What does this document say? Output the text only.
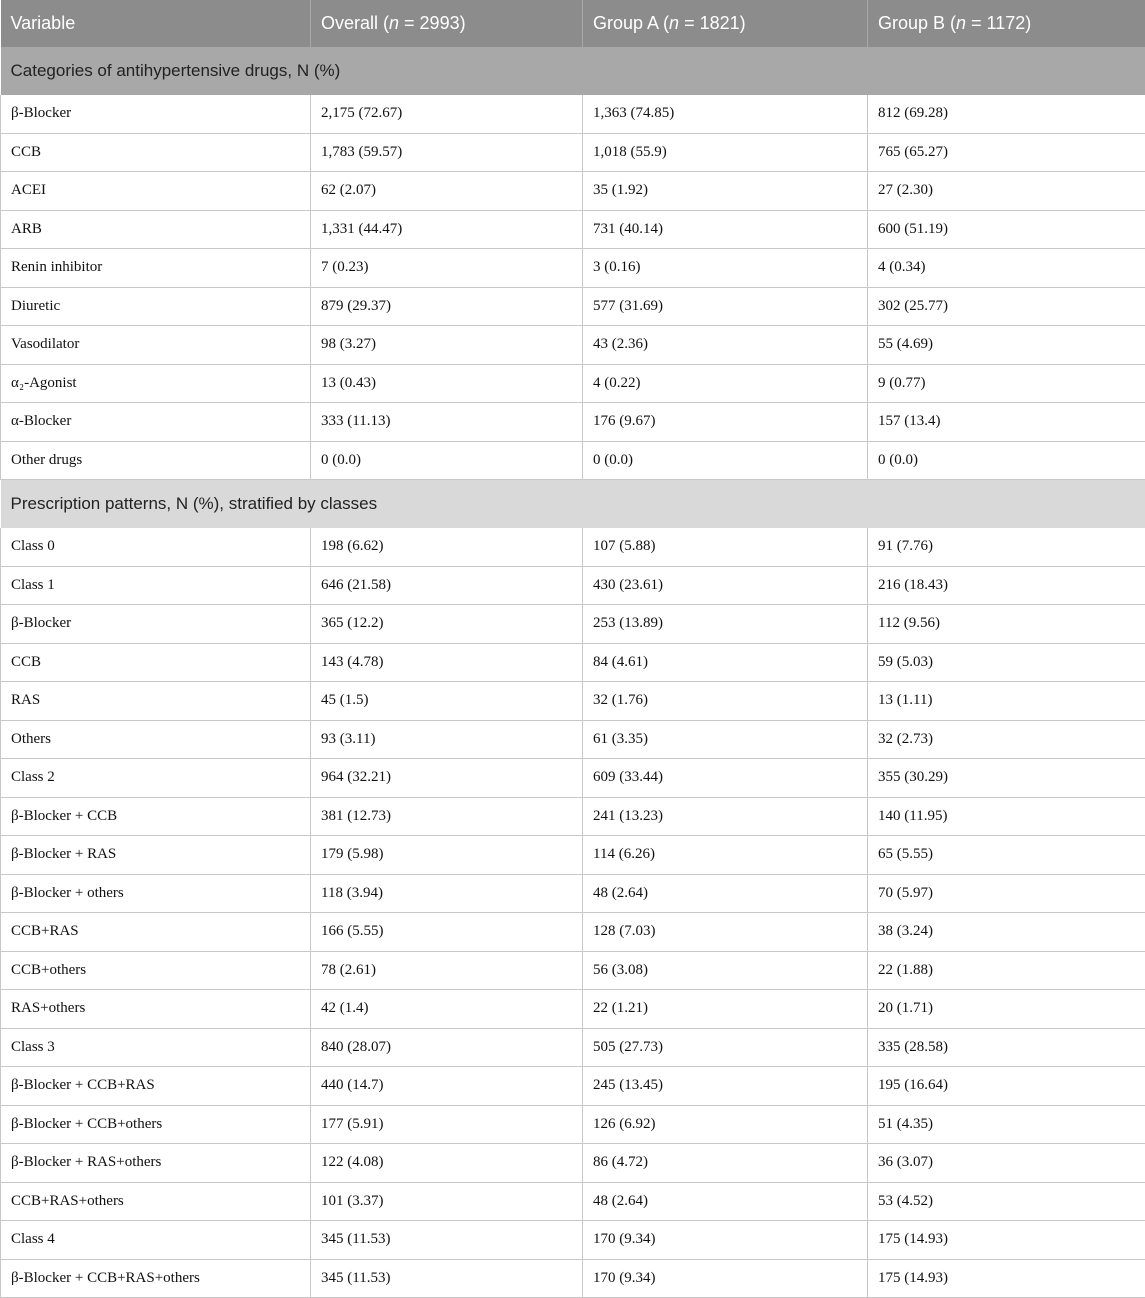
Variable	Overall (n = 2993)	Group A (n = 1821)	Group B (n = 1172)
Categories of antihypertensive drugs, N (%)			
β-Blocker	2,175 (72.67)	1,363 (74.85)	812 (69.28)
CCB	1,783 (59.57)	1,018 (55.9)	765 (65.27)
ACEI	62 (2.07)	35 (1.92)	27 (2.30)
ARB	1,331 (44.47)	731 (40.14)	600 (51.19)
Renin inhibitor	7 (0.23)	3 (0.16)	4 (0.34)
Diuretic	879 (29.37)	577 (31.69)	302 (25.77)
Vasodilator	98 (3.27)	43 (2.36)	55 (4.69)
α₂-Agonist	13 (0.43)	4 (0.22)	9 (0.77)
α-Blocker	333 (11.13)	176 (9.67)	157 (13.4)
Other drugs	0 (0.0)	0 (0.0)	0 (0.0)
Prescription patterns, N (%), stratified by classes			
Class 0	198 (6.62)	107 (5.88)	91 (7.76)
Class 1	646 (21.58)	430 (23.61)	216 (18.43)
β-Blocker	365 (12.2)	253 (13.89)	112 (9.56)
CCB	143 (4.78)	84 (4.61)	59 (5.03)
RAS	45 (1.5)	32 (1.76)	13 (1.11)
Others	93 (3.11)	61 (3.35)	32 (2.73)
Class 2	964 (32.21)	609 (33.44)	355 (30.29)
β-Blocker + CCB	381 (12.73)	241 (13.23)	140 (11.95)
β-Blocker + RAS	179 (5.98)	114 (6.26)	65 (5.55)
β-Blocker + others	118 (3.94)	48 (2.64)	70 (5.97)
CCB+RAS	166 (5.55)	128 (7.03)	38 (3.24)
CCB+others	78 (2.61)	56 (3.08)	22 (1.88)
RAS+others	42 (1.4)	22 (1.21)	20 (1.71)
Class 3	840 (28.07)	505 (27.73)	335 (28.58)
β-Blocker + CCB+RAS	440 (14.7)	245 (13.45)	195 (16.64)
β-Blocker + CCB+others	177 (5.91)	126 (6.92)	51 (4.35)
β-Blocker + RAS+others	122 (4.08)	86 (4.72)	36 (3.07)
CCB+RAS+others	101 (3.37)	48 (2.64)	53 (4.52)
Class 4	345 (11.53)	170 (9.34)	175 (14.93)
β-Blocker + CCB+RAS+others	345 (11.53)	170 (9.34)	175 (14.93)
